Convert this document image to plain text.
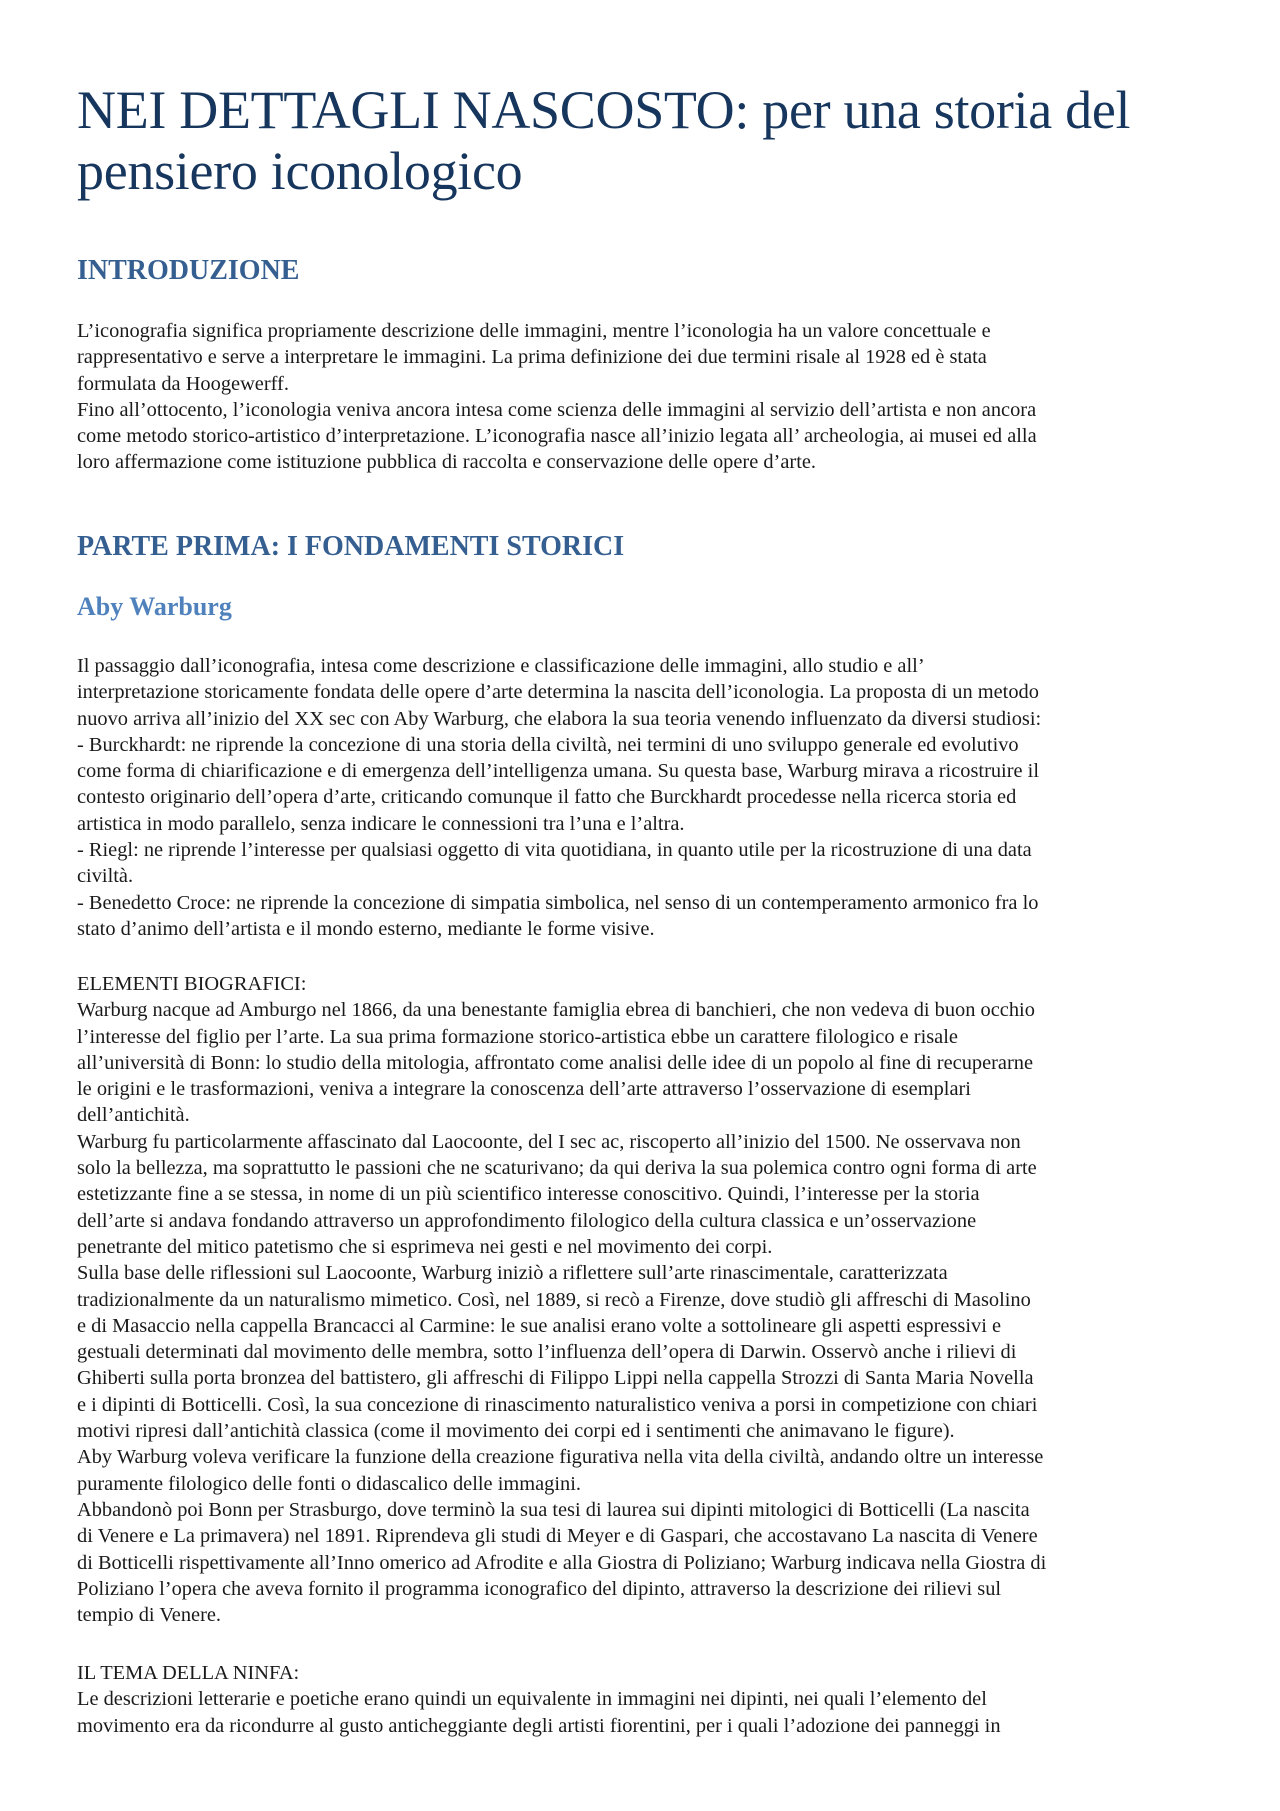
NEI DETTAGLI NASCOSTO: per una storia del
pensiero iconologico
INTRODUZIONE
L’iconografia significa propriamente descrizione delle immagini, mentre l’iconologia ha un valore concettuale e
rappresentativo e serve a interpretare le immagini. La prima definizione dei due termini risale al 1928 ed è stata
formulata da Hoogewerff.
Fino all’ottocento, l’iconologia veniva ancora intesa come scienza delle immagini al servizio dell’artista e non ancora
come metodo storico-artistico d’interpretazione. L’iconografia nasce all’inizio legata all’ archeologia, ai musei ed alla
loro affermazione come istituzione pubblica di raccolta e conservazione delle opere d’arte.
PARTE PRIMA: I FONDAMENTI STORICI
Aby Warburg
Il passaggio dall’iconografia, intesa come descrizione e classificazione delle immagini, allo studio e all’
interpretazione storicamente fondata delle opere d’arte determina la nascita dell’iconologia. La proposta di un metodo
nuovo arriva all’inizio del XX sec con Aby Warburg, che elabora la sua teoria venendo influenzato da diversi studiosi:
- Burckhardt: ne riprende la concezione di una storia della civiltà, nei termini di uno sviluppo generale ed evolutivo
come forma di chiarificazione e di emergenza dell’intelligenza umana. Su questa base, Warburg mirava a ricostruire il
contesto originario dell’opera d’arte, criticando comunque il fatto che Burckhardt procedesse nella ricerca storia ed
artistica in modo parallelo, senza indicare le connessioni tra l’una e l’altra.
- Riegl: ne riprende l’interesse per qualsiasi oggetto di vita quotidiana, in quanto utile per la ricostruzione di una data
civiltà.
- Benedetto Croce: ne riprende la concezione di simpatia simbolica, nel senso di un contemperamento armonico fra lo
stato d’animo dell’artista e il mondo esterno, mediante le forme visive.
ELEMENTI BIOGRAFICI:
Warburg nacque ad Amburgo nel 1866, da una benestante famiglia ebrea di banchieri, che non vedeva di buon occhio
l’interesse del figlio per l’arte. La sua prima formazione storico-artistica ebbe un carattere filologico e risale
all’università di Bonn: lo studio della mitologia, affrontato come analisi delle idee di un popolo al fine di recuperarne
le origini e le trasformazioni, veniva a integrare la conoscenza dell’arte attraverso l’osservazione di esemplari
dell’antichità.
Warburg fu particolarmente affascinato dal Laocoonte, del I sec ac, riscoperto all’inizio del 1500. Ne osservava non
solo la bellezza, ma soprattutto le passioni che ne scaturivano; da qui deriva la sua polemica contro ogni forma di arte
estetizzante fine a se stessa, in nome di un più scientifico interesse conoscitivo. Quindi, l’interesse per la storia
dell’arte si andava fondando attraverso un approfondimento filologico della cultura classica e un’osservazione
penetrante del mitico patetismo che si esprimeva nei gesti e nel movimento dei corpi.
Sulla base delle riflessioni sul Laocoonte, Warburg iniziò a riflettere sull’arte rinascimentale, caratterizzata
tradizionalmente da un naturalismo mimetico. Così, nel 1889, si recò a Firenze, dove studiò gli affreschi di Masolino
e di Masaccio nella cappella Brancacci al Carmine: le sue analisi erano volte a sottolineare gli aspetti espressivi e
gestuali determinati dal movimento delle membra, sotto l’influenza dell’opera di Darwin. Osservò anche i rilievi di
Ghiberti sulla porta bronzea del battistero, gli affreschi di Filippo Lippi nella cappella Strozzi di Santa Maria Novella
e i dipinti di Botticelli. Così, la sua concezione di rinascimento naturalistico veniva a porsi in competizione con chiari
motivi ripresi dall’antichità classica (come il movimento dei corpi ed i sentimenti che animavano le figure).
Aby Warburg voleva verificare la funzione della creazione figurativa nella vita della civiltà, andando oltre un interesse
puramente filologico delle fonti o didascalico delle immagini.
Abbandonò poi Bonn per Strasburgo, dove terminò la sua tesi di laurea sui dipinti mitologici di Botticelli (La nascita
di Venere e La primavera) nel 1891. Riprendeva gli studi di Meyer e di Gaspari, che accostavano La nascita di Venere
di Botticelli rispettivamente all’Inno omerico ad Afrodite e alla Giostra di Poliziano; Warburg indicava nella Giostra di
Poliziano l’opera che aveva fornito il programma iconografico del dipinto, attraverso la descrizione dei rilievi sul
tempio di Venere.
IL TEMA DELLA NINFA:
Le descrizioni letterarie e poetiche erano quindi un equivalente in immagini nei dipinti, nei quali l’elemento del
movimento era da ricondurre al gusto anticheggiante degli artisti fiorentini, per i quali l’adozione dei panneggi in
